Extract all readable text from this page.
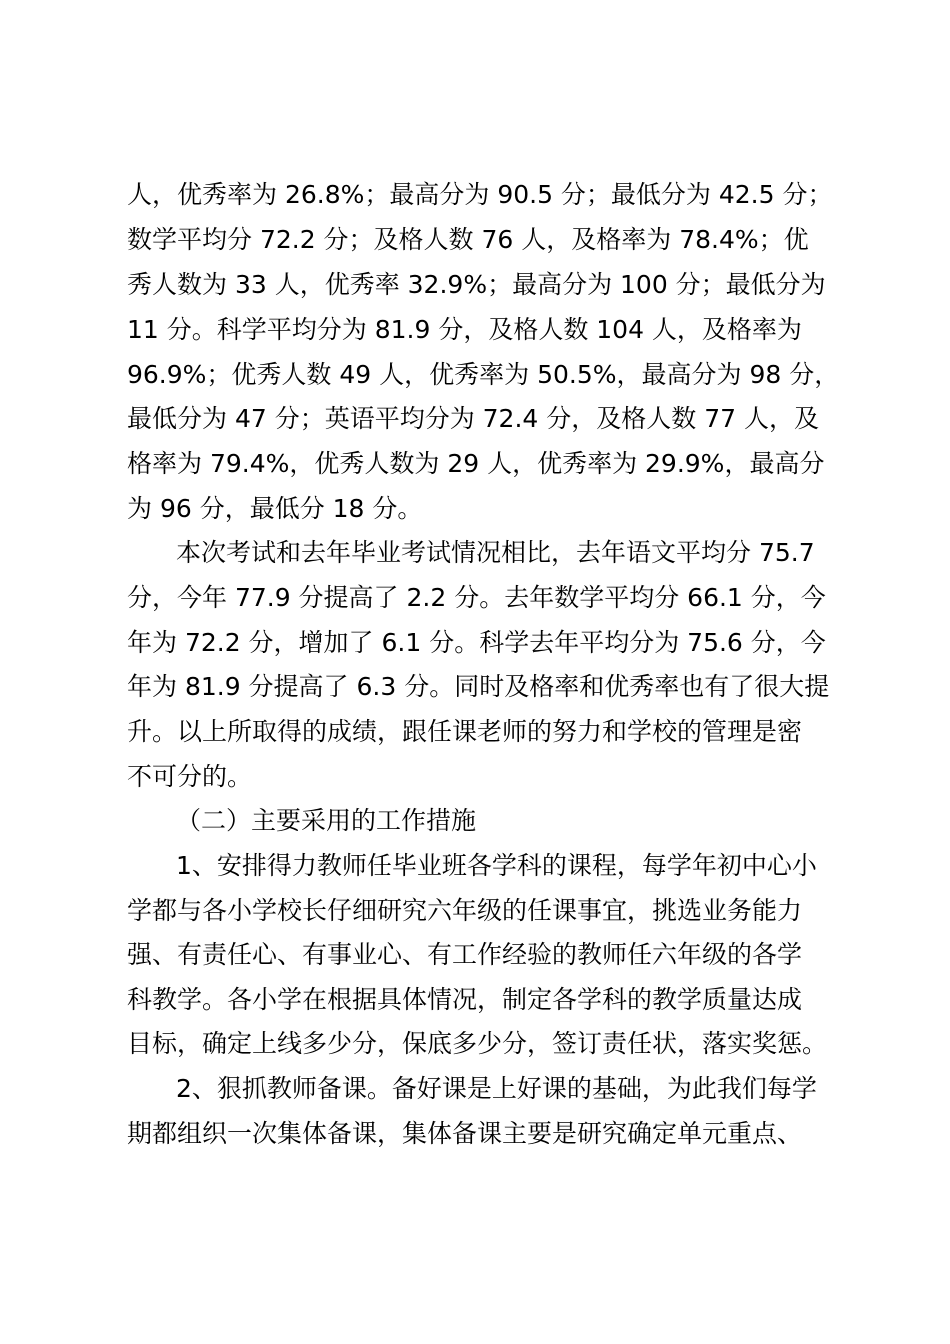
人，优秀率为 26.8%；最高分为 90.5 分；最低分为 42.5 分；
数学平均分 72.2 分；及格人数 76 人，及格率为 78.4%；优
秀人数为 33 人，优秀率 32.9%；最高分为 100 分；最低分为
11 分。科学平均分为 81.9 分，及格人数 104 人，及格率为
96.9%；优秀人数 49 人，优秀率为 50.5%，最高分为 98 分，
最低分为 47 分；英语平均分为 72.4 分，及格人数 77 人，及
格率为 79.4%，优秀人数为 29 人，优秀率为 29.9%，最高分
为 96 分，最低分 18 分。
本次考试和去年毕业考试情况相比，去年语文平均分 75.7
分，今年 77.9 分提高了 2.2 分。去年数学平均分 66.1 分，今
年为 72.2 分，增加了 6.1 分。科学去年平均分为 75.6 分，今
年为 81.9 分提高了 6.3 分。同时及格率和优秀率也有了很大提
升。以上所取得的成绩，跟任课老师的努力和学校的管理是密
不可分的。
（二）主要采用的工作措施
1、安排得力教师任毕业班各学科的课程，每学年初中心小
学都与各小学校长仔细研究六年级的任课事宜，挑选业务能力
强、有责任心、有事业心、有工作经验的教师任六年级的各学
科教学。各小学在根据具体情况，制定各学科的教学质量达成
目标，确定上线多少分，保底多少分，签订责任状，落实奖惩。
2、狠抓教师备课。备好课是上好课的基础，为此我们每学
期都组织一次集体备课，集体备课主要是研究确定单元重点、
